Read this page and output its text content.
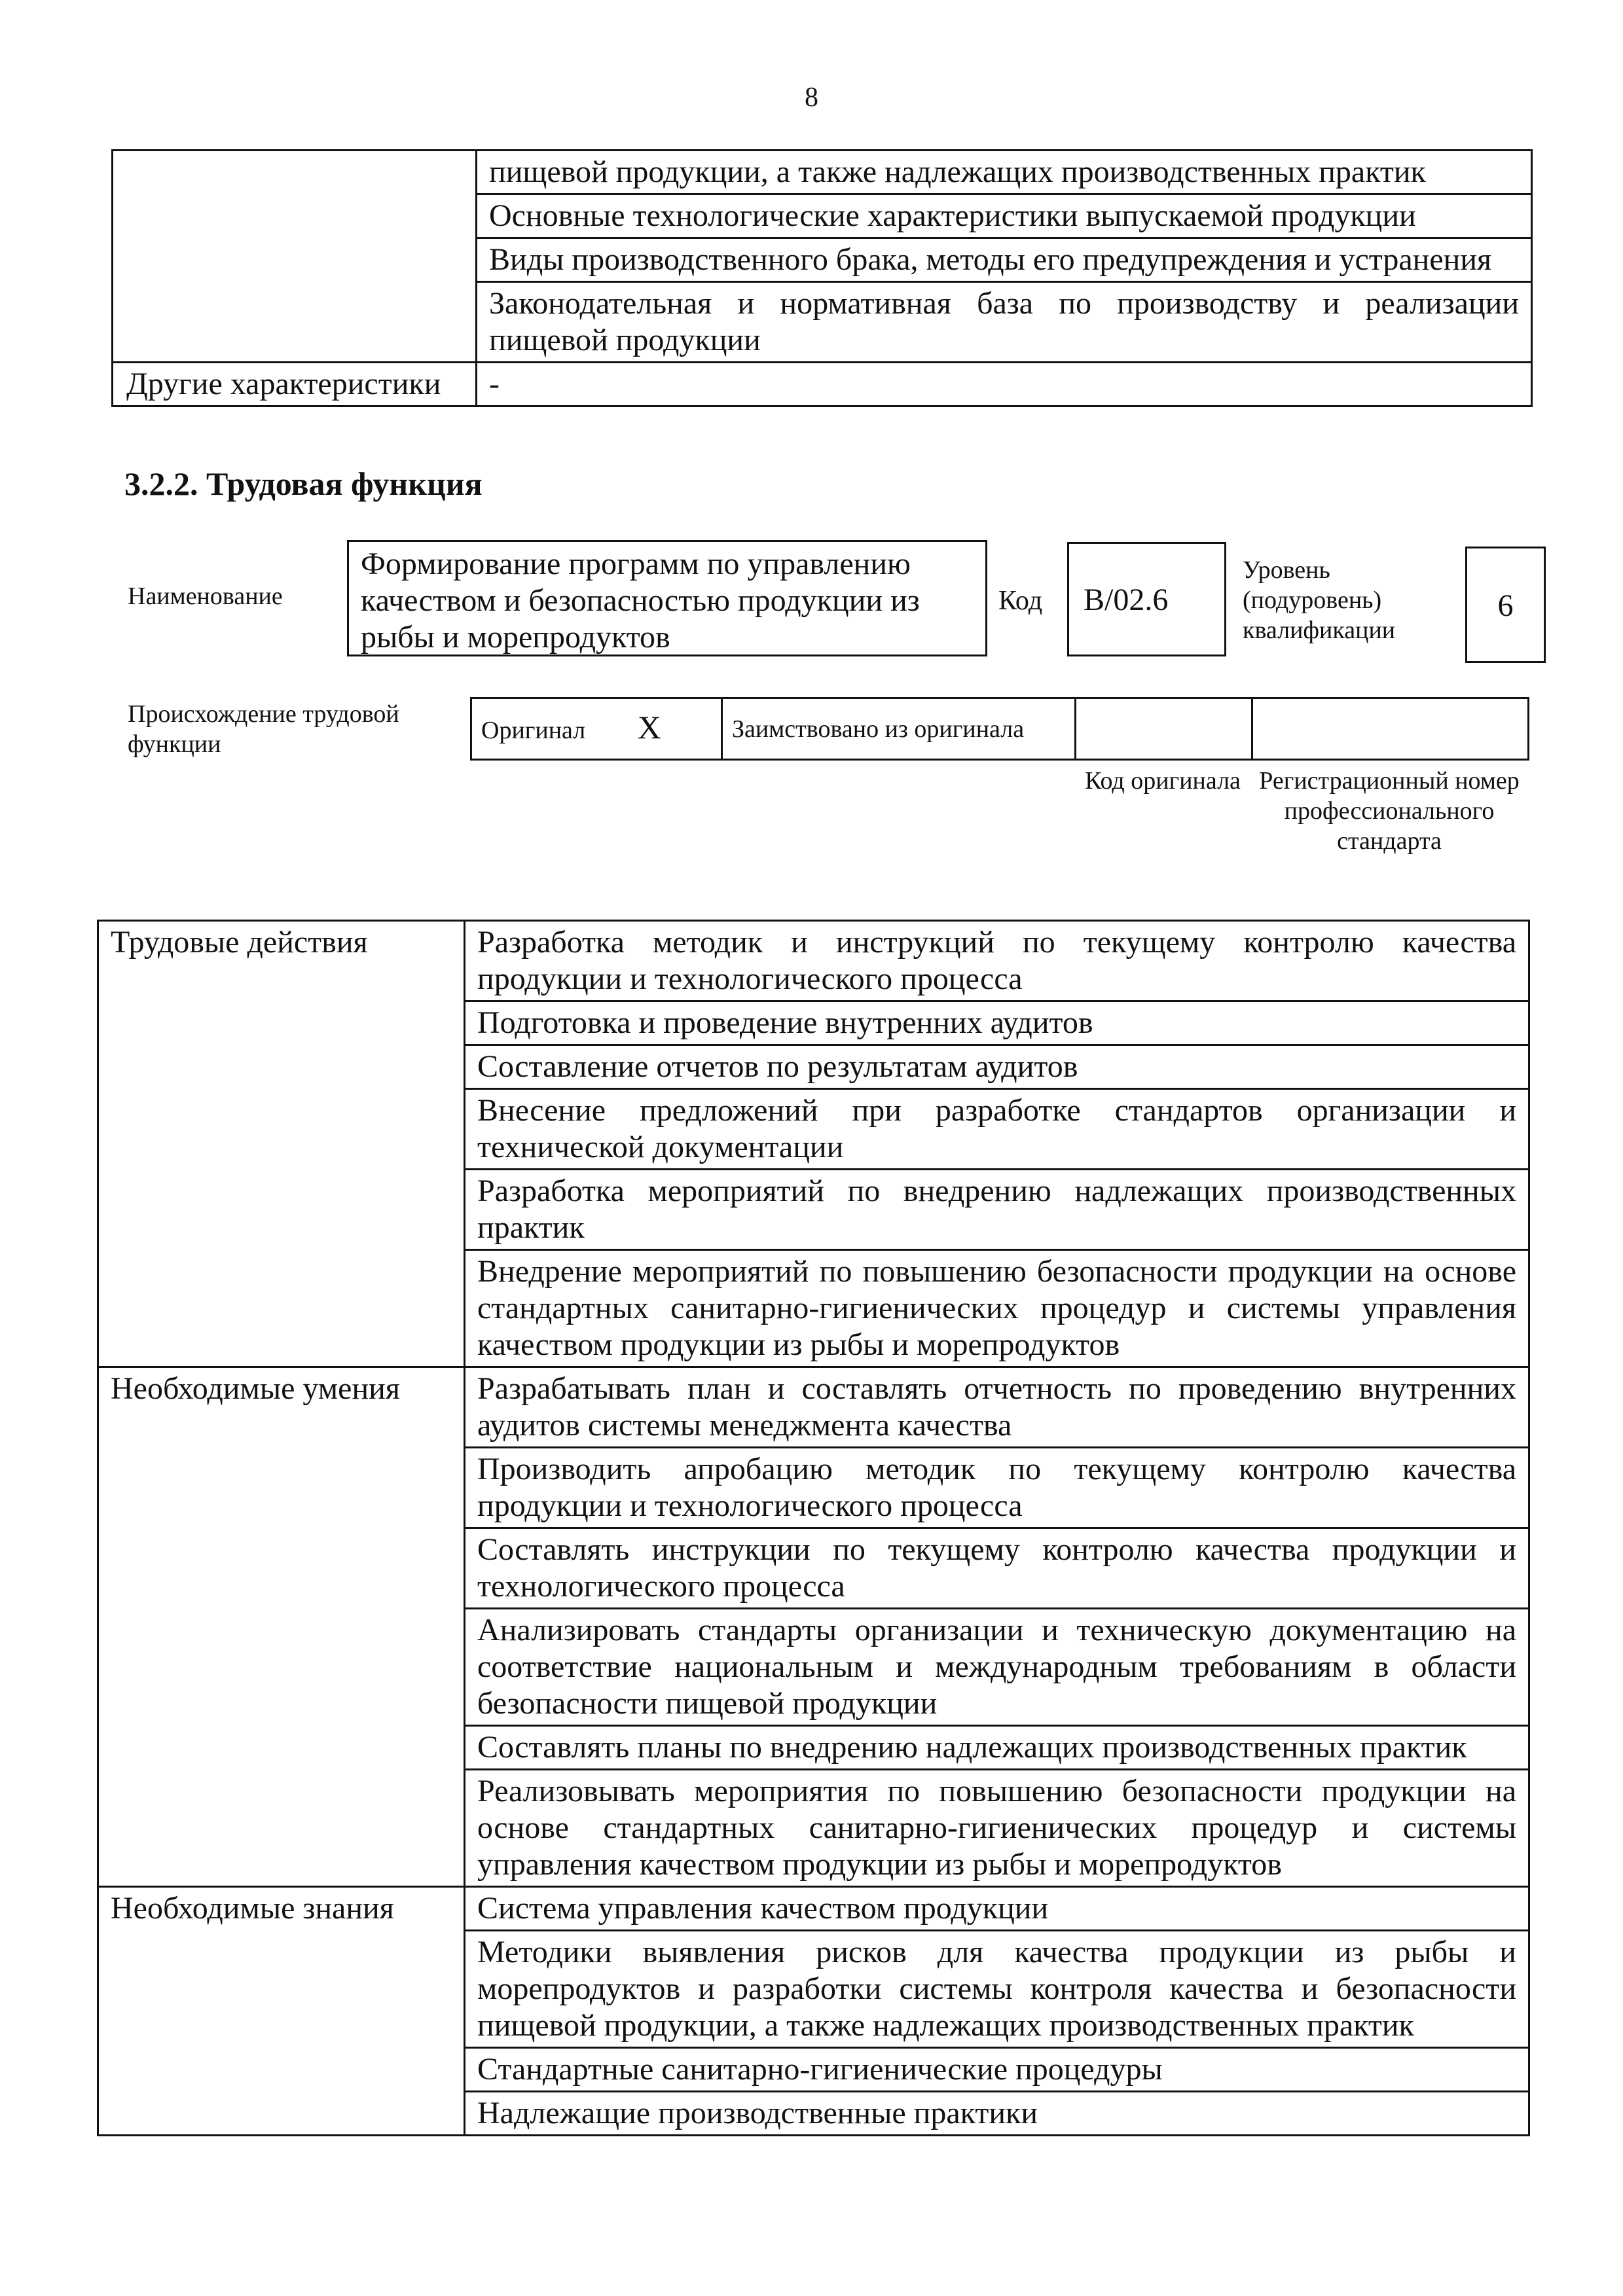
8
	пищевой продукции, а также надлежащих производственных практик
	Основные технологические характеристики выпускаемой продукции
	Виды производственного брака, методы его предупреждения и устранения
	Законодательная и нормативная база по производству и реализации пищевой продукции
Другие характеристики	-
3.2.2. Трудовая функция
Наименование
Формирование программ по управлению качеством и безопасностью продукции из рыбы и морепродуктов
Код B/02.6
Уровень (подуровень) квалификации
6
Происхождение трудовой функции	Оригинал X	Заимствовано из оригинала		
Код оригинала Регистрационный номер профессионального стандарта
Трудовые действия	Разработка методик и инструкций по текущему контролю качества продукции и технологического процесса
	Подготовка и проведение внутренних аудитов
	Составление отчетов по результатам аудитов
	Внесение предложений при разработке стандартов организации и технической документации
	Разработка мероприятий по внедрению надлежащих производственных практик
	Внедрение мероприятий по повышению безопасности продукции на основе стандартных санитарно-гигиенических процедур и системы управления качеством продукции из рыбы и морепродуктов
Необходимые умения	Разрабатывать план и составлять отчетность по проведению внутренних аудитов системы менеджмента качества
	Производить апробацию методик по текущему контролю качества продукции и технологического процесса
	Составлять инструкции по текущему контролю качества продукции и технологического процесса
	Анализировать стандарты организации и техническую документацию на соответствие национальным и международным требованиям в области безопасности пищевой продукции
	Составлять планы по внедрению надлежащих производственных практик
	Реализовывать мероприятия по повышению безопасности продукции на основе стандартных санитарно-гигиенических процедур и системы управления качеством продукции из рыбы и морепродуктов
Необходимые знания	Система управления качеством продукции
	Методики выявления рисков для качества продукции из рыбы и морепродуктов и разработки системы контроля качества и безопасности пищевой продукции, а также надлежащих производственных практик
	Стандартные санитарно-гигиенические процедуры
	Надлежащие производственные практики
